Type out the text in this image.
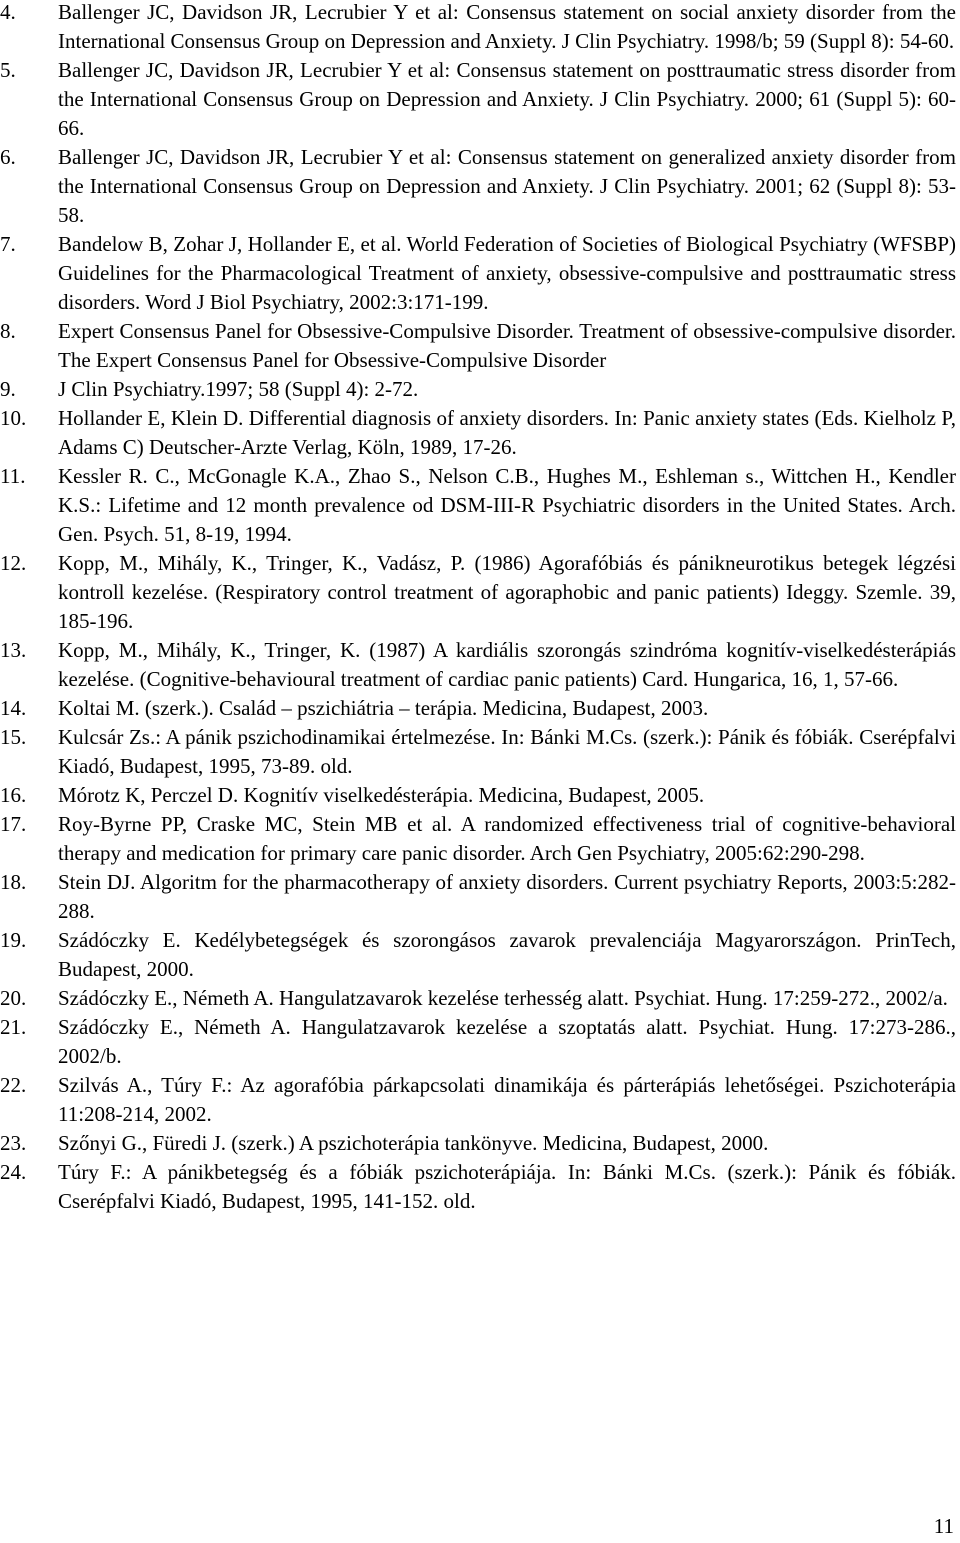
4.	Ballenger JC, Davidson JR, Lecrubier Y et al: Consensus statement on social anxiety disorder from the International Consensus Group on Depression and Anxiety. J Clin Psychiatry. 1998/b; 59 (Suppl 8): 54-60.
5.	Ballenger JC, Davidson JR, Lecrubier Y et al: Consensus statement on posttraumatic stress disorder from the International Consensus Group on Depression and Anxiety. J Clin Psychiatry. 2000; 61 (Suppl 5): 60-66.
6.	Ballenger JC, Davidson JR, Lecrubier Y et al: Consensus statement on generalized anxiety disorder from the International Consensus Group on Depression and Anxiety. J Clin Psychiatry. 2001; 62 (Suppl 8): 53-58.
7.	Bandelow B, Zohar J, Hollander E, et al. World Federation of Societies of Biological Psychiatry (WFSBP) Guidelines for the Pharmacological Treatment of anxiety, obsessive-compulsive and posttraumatic stress disorders. Word J Biol Psychiatry, 2002:3:171-199.
8.	Expert Consensus Panel for Obsessive-Compulsive Disorder. Treatment of obsessive-compulsive disorder. The Expert Consensus Panel for Obsessive-Compulsive Disorder
9.	J Clin Psychiatry.1997; 58 (Suppl 4): 2-72.
10.	Hollander E, Klein D. Differential diagnosis of anxiety disorders. In: Panic anxiety states (Eds. Kielholz P, Adams C) Deutscher-Arzte Verlag, Köln, 1989, 17-26.
11.	Kessler R. C., McGonagle K.A., Zhao S., Nelson C.B., Hughes M., Eshleman s., Wittchen H., Kendler K.S.: Lifetime and 12 month prevalence od DSM-III-R Psychiatric disorders in the United States. Arch. Gen. Psych. 51, 8-19, 1994.
12.	Kopp, M., Mihály, K., Tringer, K., Vadász, P. (1986) Agorafóbiás és pánikneurotikus betegek légzési kontroll kezelése. (Respiratory control treatment of agoraphobic and panic patients) Ideggy. Szemle. 39, 185-196.
13.	Kopp, M., Mihály, K., Tringer, K. (1987) A kardiális szorongás szindróma kognitív-viselkedésterápiás kezelése. (Cognitive-behavioural treatment of cardiac panic patients) Card. Hungarica, 16, 1, 57-66.
14.	Koltai M. (szerk.). Család – pszichiátria – terápia. Medicina, Budapest, 2003.
15.	Kulcsár Zs.: A pánik pszichodinamikai értelmezése. In: Bánki M.Cs. (szerk.): Pánik és fóbiák. Cserépfalvi Kiadó, Budapest, 1995, 73-89. old.
16.	Mórotz K, Perczel D. Kognitív viselkedésterápia. Medicina, Budapest, 2005.
17.	Roy-Byrne PP, Craske MC, Stein MB et al. A randomized effectiveness trial of cognitive-behavioral therapy and medication for primary care panic disorder. Arch Gen Psychiatry, 2005:62:290-298.
18.	Stein DJ. Algoritm for the pharmacotherapy of anxiety disorders. Current psychiatry Reports, 2003:5:282-288.
19.	Szádóczky E. Kedélybetegségek és szorongásos zavarok prevalenciája Magyarországon. PrinTech, Budapest, 2000.
20.	Szádóczky E., Németh A. Hangulatzavarok kezelése terhesség alatt. Psychiat. Hung. 17:259-272., 2002/a.
21.	Szádóczky E., Németh A. Hangulatzavarok kezelése a szoptatás alatt. Psychiat. Hung. 17:273-286., 2002/b.
22.	Szilvás A., Túry F.: Az agorafóbia párkapcsolati dinamikája és párterápiás lehetőségei. Pszichoterápia 11:208-214, 2002.
23.	Szőnyi G., Füredi J. (szerk.) A pszichoterápia tankönyve. Medicina, Budapest, 2000.
24.	Túry F.: A pánikbetegség és a fóbiák pszichoterápiája. In: Bánki M.Cs. (szerk.): Pánik és fóbiák. Cserépfalvi Kiadó, Budapest, 1995, 141-152. old.
11
